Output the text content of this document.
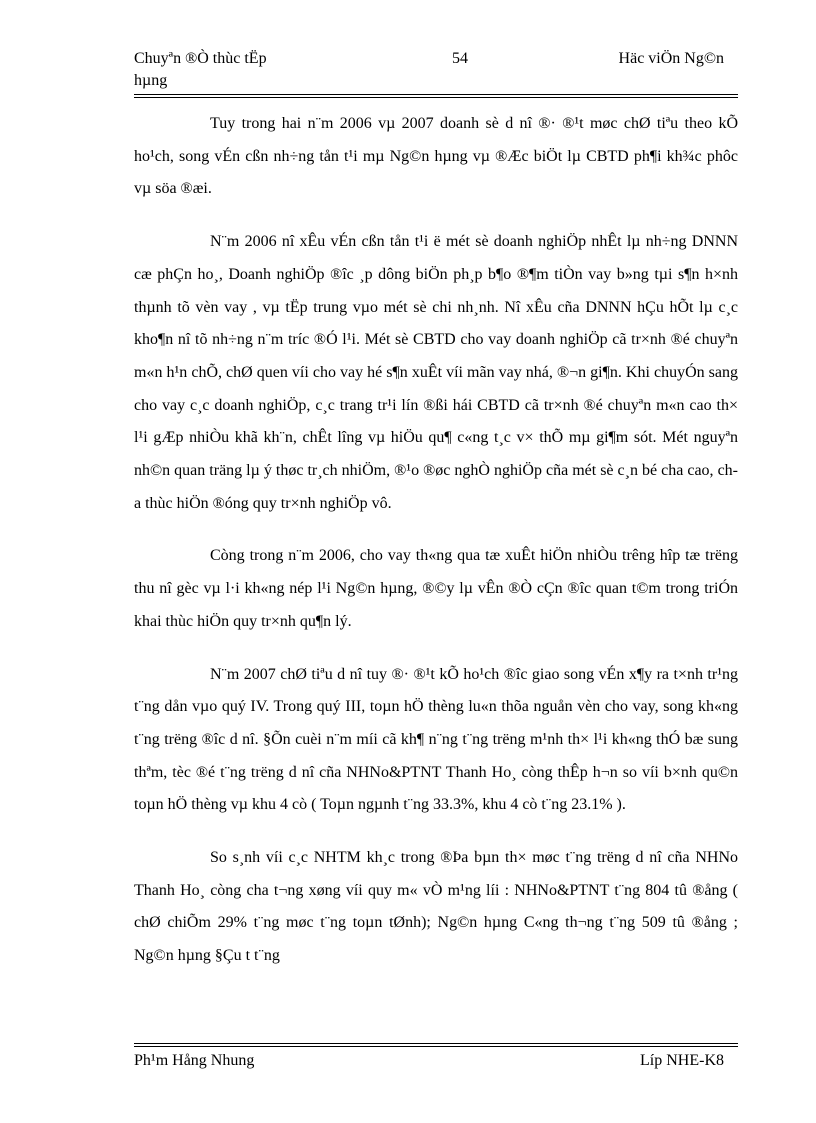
Chuyªn ®Ò thùc tËp
hµng
54	Häc viÖn Ng©n

Tuy trong hai n¨m 2006 vµ 2007 doanh sè d nî ®· ®¹t møc chØ tiªu theo kÕ ho¹ch, song vÉn cßn nh÷ng tån t¹i mµ Ng©n hµng vµ ®Æc biÖt lµ CBTD ph¶i kh¾c phôc vµ söa ®æi.

N¨m 2006 nî xÊu vÉn cßn tån t¹i ë mét sè doanh nghiÖp nhÊt lµ nh÷ng DNNN cæ phÇn ho¸, Doanh nghiÖp ®îc ¸p dông biÖn ph¸p b¶o ®¶m tiÒn vay b»ng tµi s¶n h×nh thµnh tõ vèn vay , vµ tËp trung vµo mét sè chi nh¸nh. Nî xÊu cña DNNN hÇu hÕt lµ c¸c kho¶n nî tõ nh÷ng n¨m tríc ®Ó l¹i. Mét sè CBTD cho vay doanh nghiÖp cã tr×nh ®é chuyªn m«n h¹n chÕ, chØ quen víi cho vay hé s¶n xuÊt víi mãn vay nhá, ®¬n gi¶n. Khi chuyÓn sang cho vay c¸c doanh nghiÖp, c¸c trang tr¹i lín ®ßi hái CBTD cã tr×nh ®é chuyªn m«n cao th× l¹i gÆp nhiÒu khã kh¨n, chÊt lîng vµ hiÖu qu¶ c«ng t¸c v× thÕ mµ gi¶m sót. Mét nguyªn nh©n quan träng lµ ý thøc tr¸ch nhiÖm, ®¹o ®øc nghÒ nghiÖp cña mét sè c¸n bé cha cao, cha thùc hiÖn ®óng quy tr×nh nghiÖp vô.

Còng trong n¨m 2006, cho vay th«ng qua tæ xuÊt hiÖn nhiÒu trêng hîp tæ trëng thu nî gèc vµ l·i kh«ng nép l¹i Ng©n hµng, ®©y lµ vÊn ®Ò cÇn ®îc quan t©m trong triÓn khai thùc hiÖn quy tr×nh qu¶n lý.

N¨m 2007 chØ tiªu d nî tuy ®· ®¹t kÕ ho¹ch ®îc giao song vÉn x¶y ra t×nh tr¹ng t¨ng dån vµo quý IV. Trong quý III, toµn hÖ thèng lu«n thõa nguån vèn cho vay, song kh«ng t¨ng trëng ®îc d nî. §Õn cuèi n¨m míi cã kh¶ n¨ng t¨ng trëng m¹nh th× l¹i kh«ng thÓ bæ sung thªm, tèc ®é t¨ng trëng d nî cña NHNo&PTNT Thanh Ho¸ còng thÊp h¬n so víi b×nh qu©n toµn hÖ thèng vµ khu 4 cò ( Toµn ngµnh t¨ng 33.3%, khu 4 cò t¨ng 23.1% ).

So s¸nh víi c¸c NHTM kh¸c trong ®Þa bµn th× møc t¨ng trëng d nî cña NHNo Thanh Ho¸ còng cha t¬ng xøng víi quy m« vÒ m¹ng líi : NHNo&PTNT t¨ng 804 tû ®ång ( chØ chiÕm 29% t¨ng møc t¨ng toµn tØnh); Ng©n hµng C«ng th¬ng t¨ng 509 tû ®ång ; Ng©n hµng §Çu t t¨ng

Ph¹m Hång Nhung	Líp NHE-K8
